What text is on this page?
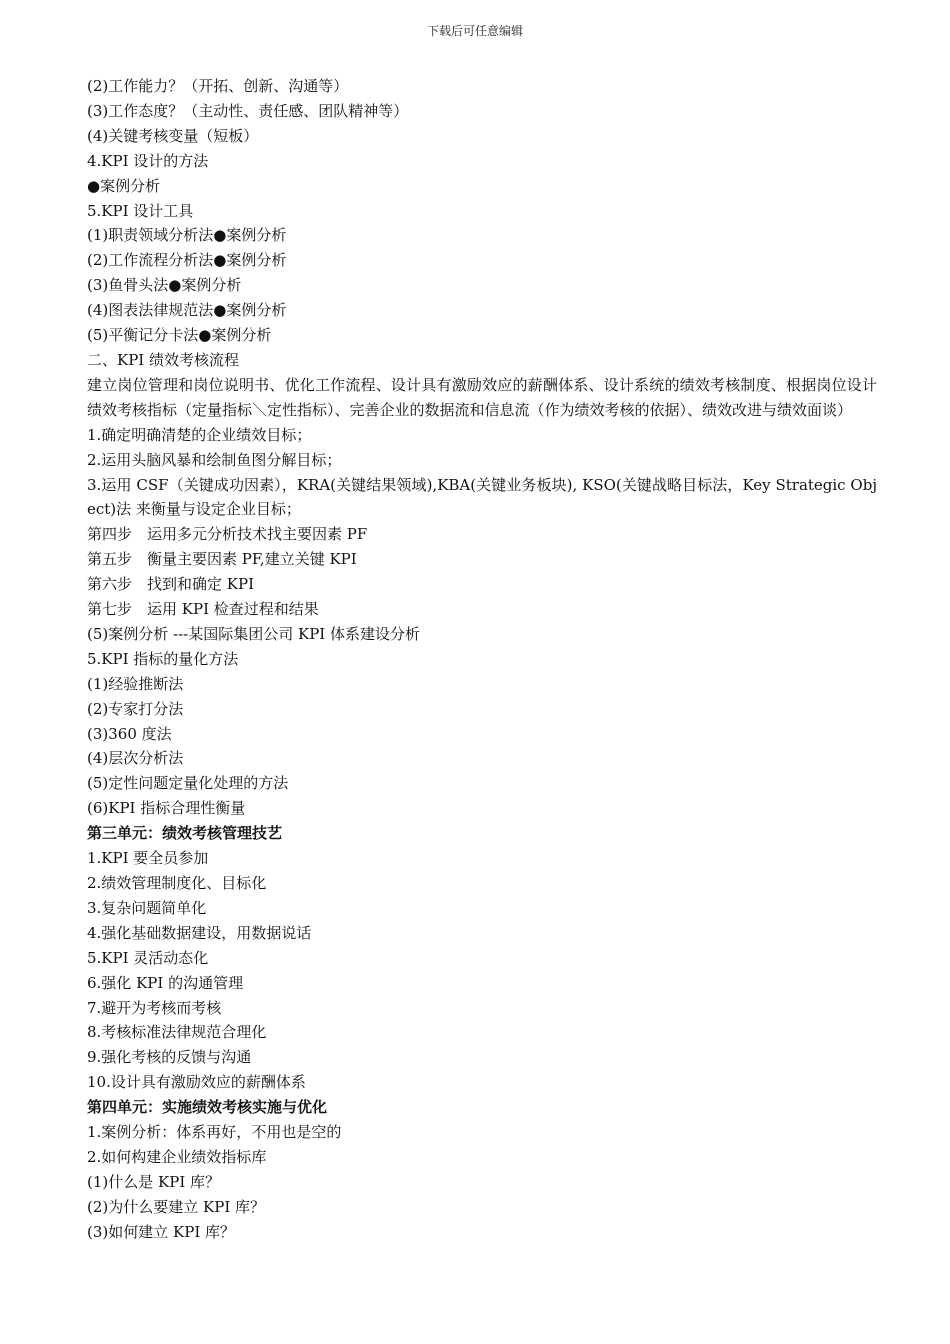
下载后可任意编辑
(2)工作能力？（开拓、创新、沟通等）
(3)工作态度？（主动性、责任感、团队精神等）
(4)关键考核变量（短板）
4.KPI 设计的方法
●案例分析
5.KPI 设计工具
(1)职责领域分析法●案例分析
(2)工作流程分析法●案例分析
(3)鱼骨头法●案例分析
(4)图表法律规范法●案例分析
(5)平衡记分卡法●案例分析
二、KPI 绩效考核流程
建立岗位管理和岗位说明书、优化工作流程、设计具有激励效应的薪酬体系、设计系统的绩效考核制度、根据岗位设计绩效考核指标（定量指标＼定性指标）、完善企业的数据流和信息流（作为绩效考核的依据）、绩效改进与绩效面谈）
1.确定明确清楚的企业绩效目标；
2.运用头脑风暴和绘制鱼图分解目标；
3.运用 CSF（关键成功因素），KRA(关键结果领域),KBA(关键业务板块), KSO(关键战略目标法，Key Strategic Object)法 来衡量与设定企业目标；
第四步　运用多元分析技术找主要因素 PF
第五步　衡量主要因素 PF,建立关键 KPI
第六步　找到和确定 KPI
第七步　运用 KPI 检查过程和结果
(5)案例分析 ---某国际集团公司 KPI 体系建设分析
5.KPI 指标的量化方法
(1)经验推断法
(2)专家打分法
(3)360 度法
(4)层次分析法
(5)定性问题定量化处理的方法
(6)KPI 指标合理性衡量
第三单元：绩效考核管理技艺
1.KPI 要全员参加
2.绩效管理制度化、目标化
3.复杂问题简单化
4.强化基础数据建设，用数据说话
5.KPI 灵活动态化
6.强化 KPI 的沟通管理
7.避开为考核而考核
8.考核标准法律规范合理化
9.强化考核的反馈与沟通
10.设计具有激励效应的薪酬体系
第四单元：实施绩效考核实施与优化
1.案例分析：体系再好，不用也是空的
2.如何构建企业绩效指标库
(1)什么是 KPI 库？
(2)为什么要建立 KPI 库？
(3)如何建立 KPI 库？
